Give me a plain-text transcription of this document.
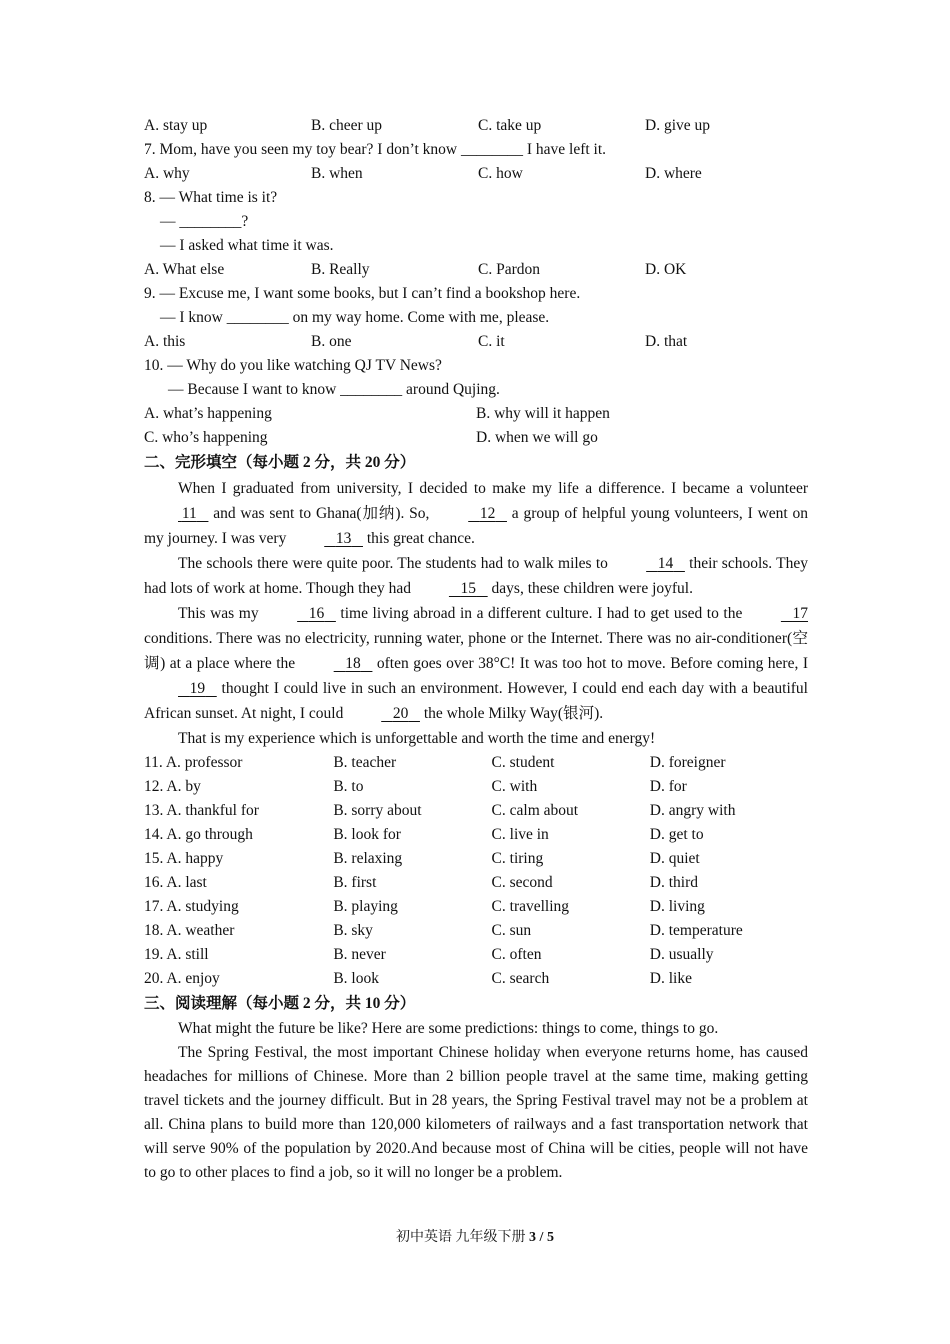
A. stay up	B. cheer up	C. take up	D. give up
7. Mom, have you seen my toy bear? I don’t know ________ I have left it.
A. why	B. when	C. how	D. where
8. — What time is it?
— ________?
— I asked what time it was.
A. What else	B. Really	C. Pardon	D. OK
9. — Excuse me, I want some books, but I can’t find a bookshop here.
— I know ________ on my way home. Come with me, please.
A. this	B. one	C. it	D. that
10. — Why do you like watching QJ TV News?
— Because I want to know ________ around Qujing.
A. what’s happening	B. why will it happen
C. who’s happening	D. when we will go
二、完形填空（每小题 2 分，共 20 分）

When I graduated from university, I decided to make my life a difference. I became a volunteer  11    and was sent to Ghana(加纳). So,	12    a group of helpful young volunteers, I went on my journey. I was very	13    this great chance.

The schools there were quite poor. The students had to walk miles to	14    their schools. They had lots of work at home. Though they had	15    days, these children were joyful.

This was my	16    time living abroad in a different culture. I had to get used to the	17 conditions. There was no electricity, running water, phone or the Internet. There was no air-conditioner(空调) at a place where the	18    often goes over 38°C! It was too hot to move. Before coming here, I    19    thought I could live in such an environment. However, I could end each day with a beautiful African sunset. At night, I could	20    the whole Milky Way(银河).

That is my experience which is unforgettable and worth the time and energy!

11. A. professor	B. teacher	C. student	D. foreigner
12. A. by	B. to	C. with	D. for
13. A. thankful for	B. sorry about	C. calm about	D. angry with
14. A. go through	B. look for	C. live in	D. get to
15. A. happy	B. relaxing	C. tiring	D. quiet
16. A. last	B. first	C. second	D. third
17. A. studying	B. playing	C. travelling	D. living
18. A. weather	B. sky	C. sun	D. temperature
19. A. still	B. never	C. often	D. usually
20. A. enjoy	B. look	C. search	D. like
三、阅读理解（每小题 2 分，共 10 分）

What might the future be like? Here are some predictions: things to come, things to go.

The Spring Festival, the most important Chinese holiday when everyone returns home, has caused headaches for millions of Chinese. More than 2 billion people travel at the same time, making getting travel tickets and the journey difficult. But in 28 years, the Spring Festival travel may not be a problem at all. China plans to build more than 120,000 kilometers of railways and a fast transportation network that will serve 90% of the population by 2020.And because most of China will be cities, people will not have to go to other places to find a job, so it will no longer be a problem.

初中英语 九年级下册 3 / 5
